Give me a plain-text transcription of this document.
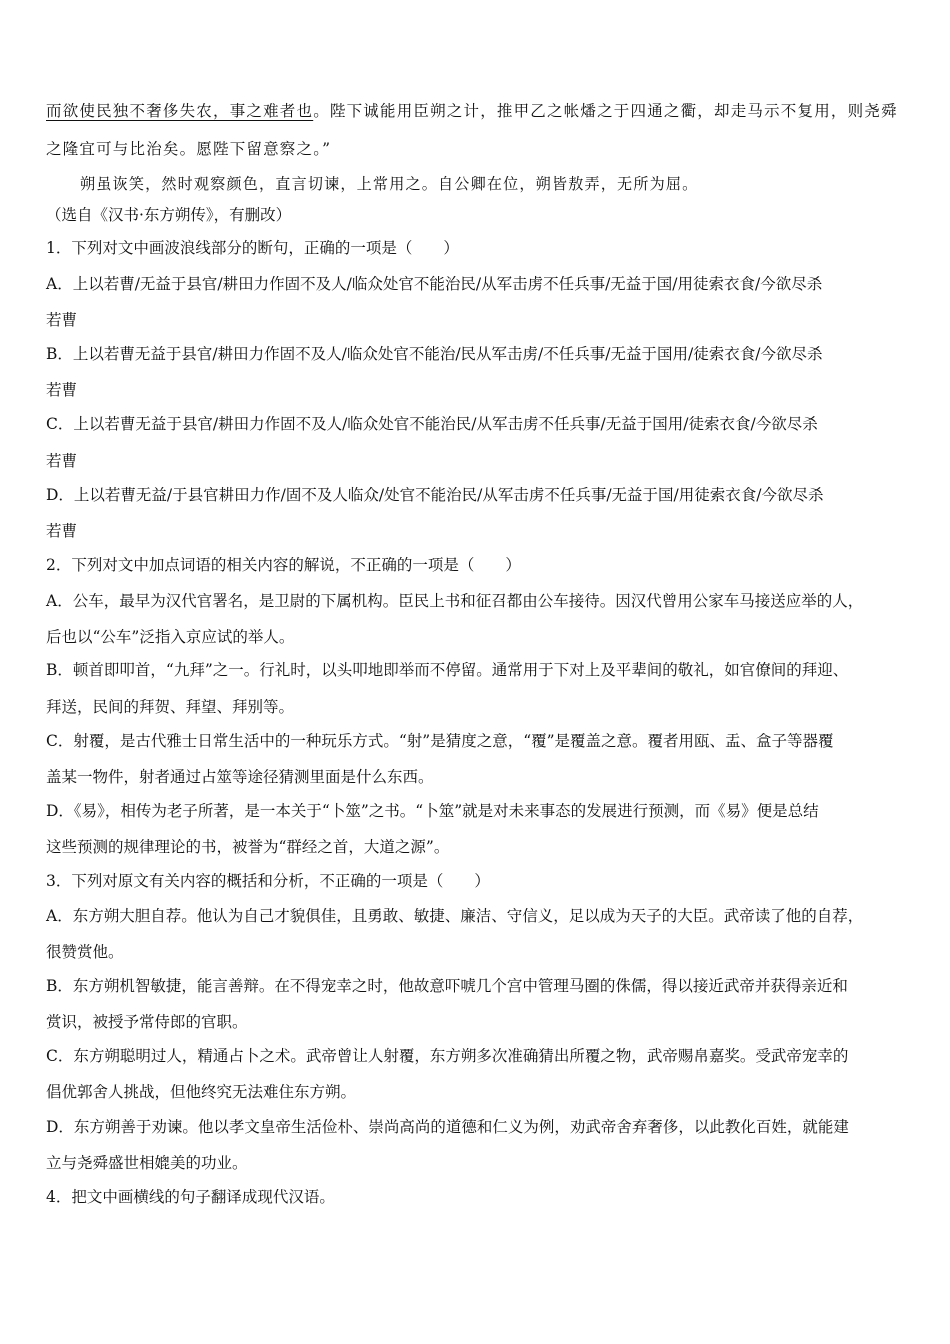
而欲使民独不奢侈失农，事之难者也。陛下诚能用臣朔之计，推甲乙之帐燔之于四通之衢，却走马示不复用，则尧舜
之隆宜可与比治矣。愿陛下留意察之。”
朔虽诙笑，然时观察颜色，直言切谏，上常用之。自公卿在位，朔皆敖弄，无所为屈。
（选自《汉书·东方朔传》，有删改）
1．下列对文中画波浪线部分的断句，正确的一项是（　　）
A．上以若曹/无益于县官/耕田力作固不及人/临众处官不能治民/从军击虏不任兵事/无益于国/用徒索衣食/今欲尽杀
若曹
B．上以若曹无益于县官/耕田力作固不及人/临众处官不能治/民从军击虏/不任兵事/无益于国用/徒索衣食/今欲尽杀
若曹
C．上以若曹无益于县官/耕田力作固不及人/临众处官不能治民/从军击虏不任兵事/无益于国用/徒索衣食/今欲尽杀
若曹
D．上以若曹无益/于县官耕田力作/固不及人临众/处官不能治民/从军击虏不任兵事/无益于国/用徒索衣食/今欲尽杀
若曹
2．下列对文中加点词语的相关内容的解说，不正确的一项是（　　）
A．公车，最早为汉代官署名，是卫尉的下属机构。臣民上书和征召都由公车接待。因汉代曾用公家车马接送应举的人，
后也以“公车”泛指入京应试的举人。
B．顿首即叩首，“九拜”之一。行礼时，以头叩地即举而不停留。通常用于下对上及平辈间的敬礼，如官僚间的拜迎、
拜送，民间的拜贺、拜望、拜别等。
C．射覆，是古代雅士日常生活中的一种玩乐方式。“射”是猜度之意，“覆”是覆盖之意。覆者用瓯、盂、盒子等器覆
盖某一物件，射者通过占筮等途径猜测里面是什么东西。
D．《易》，相传为老子所著，是一本关于“卜筮”之书。“卜筮”就是对未来事态的发展进行预测，而《易》便是总结
这些预测的规律理论的书，被誉为“群经之首，大道之源”。
3．下列对原文有关内容的概括和分析，不正确的一项是（　　）
A．东方朔大胆自荐。他认为自己才貌俱佳，且勇敢、敏捷、廉洁、守信义，足以成为天子的大臣。武帝读了他的自荐，
很赞赏他。
B．东方朔机智敏捷，能言善辩。在不得宠幸之时，他故意吓唬几个宫中管理马圈的侏儒，得以接近武帝并获得亲近和
赏识，被授予常侍郎的官职。
C．东方朔聪明过人，精通占卜之术。武帝曾让人射覆，东方朔多次准确猜出所覆之物，武帝赐帛嘉奖。受武帝宠幸的
倡优郭舍人挑战，但他终究无法难住东方朔。
D．东方朔善于劝谏。他以孝文皇帝生活俭朴、崇尚高尚的道德和仁义为例，劝武帝舍弃奢侈，以此教化百姓，就能建
立与尧舜盛世相媲美的功业。
4．把文中画横线的句子翻译成现代汉语。
